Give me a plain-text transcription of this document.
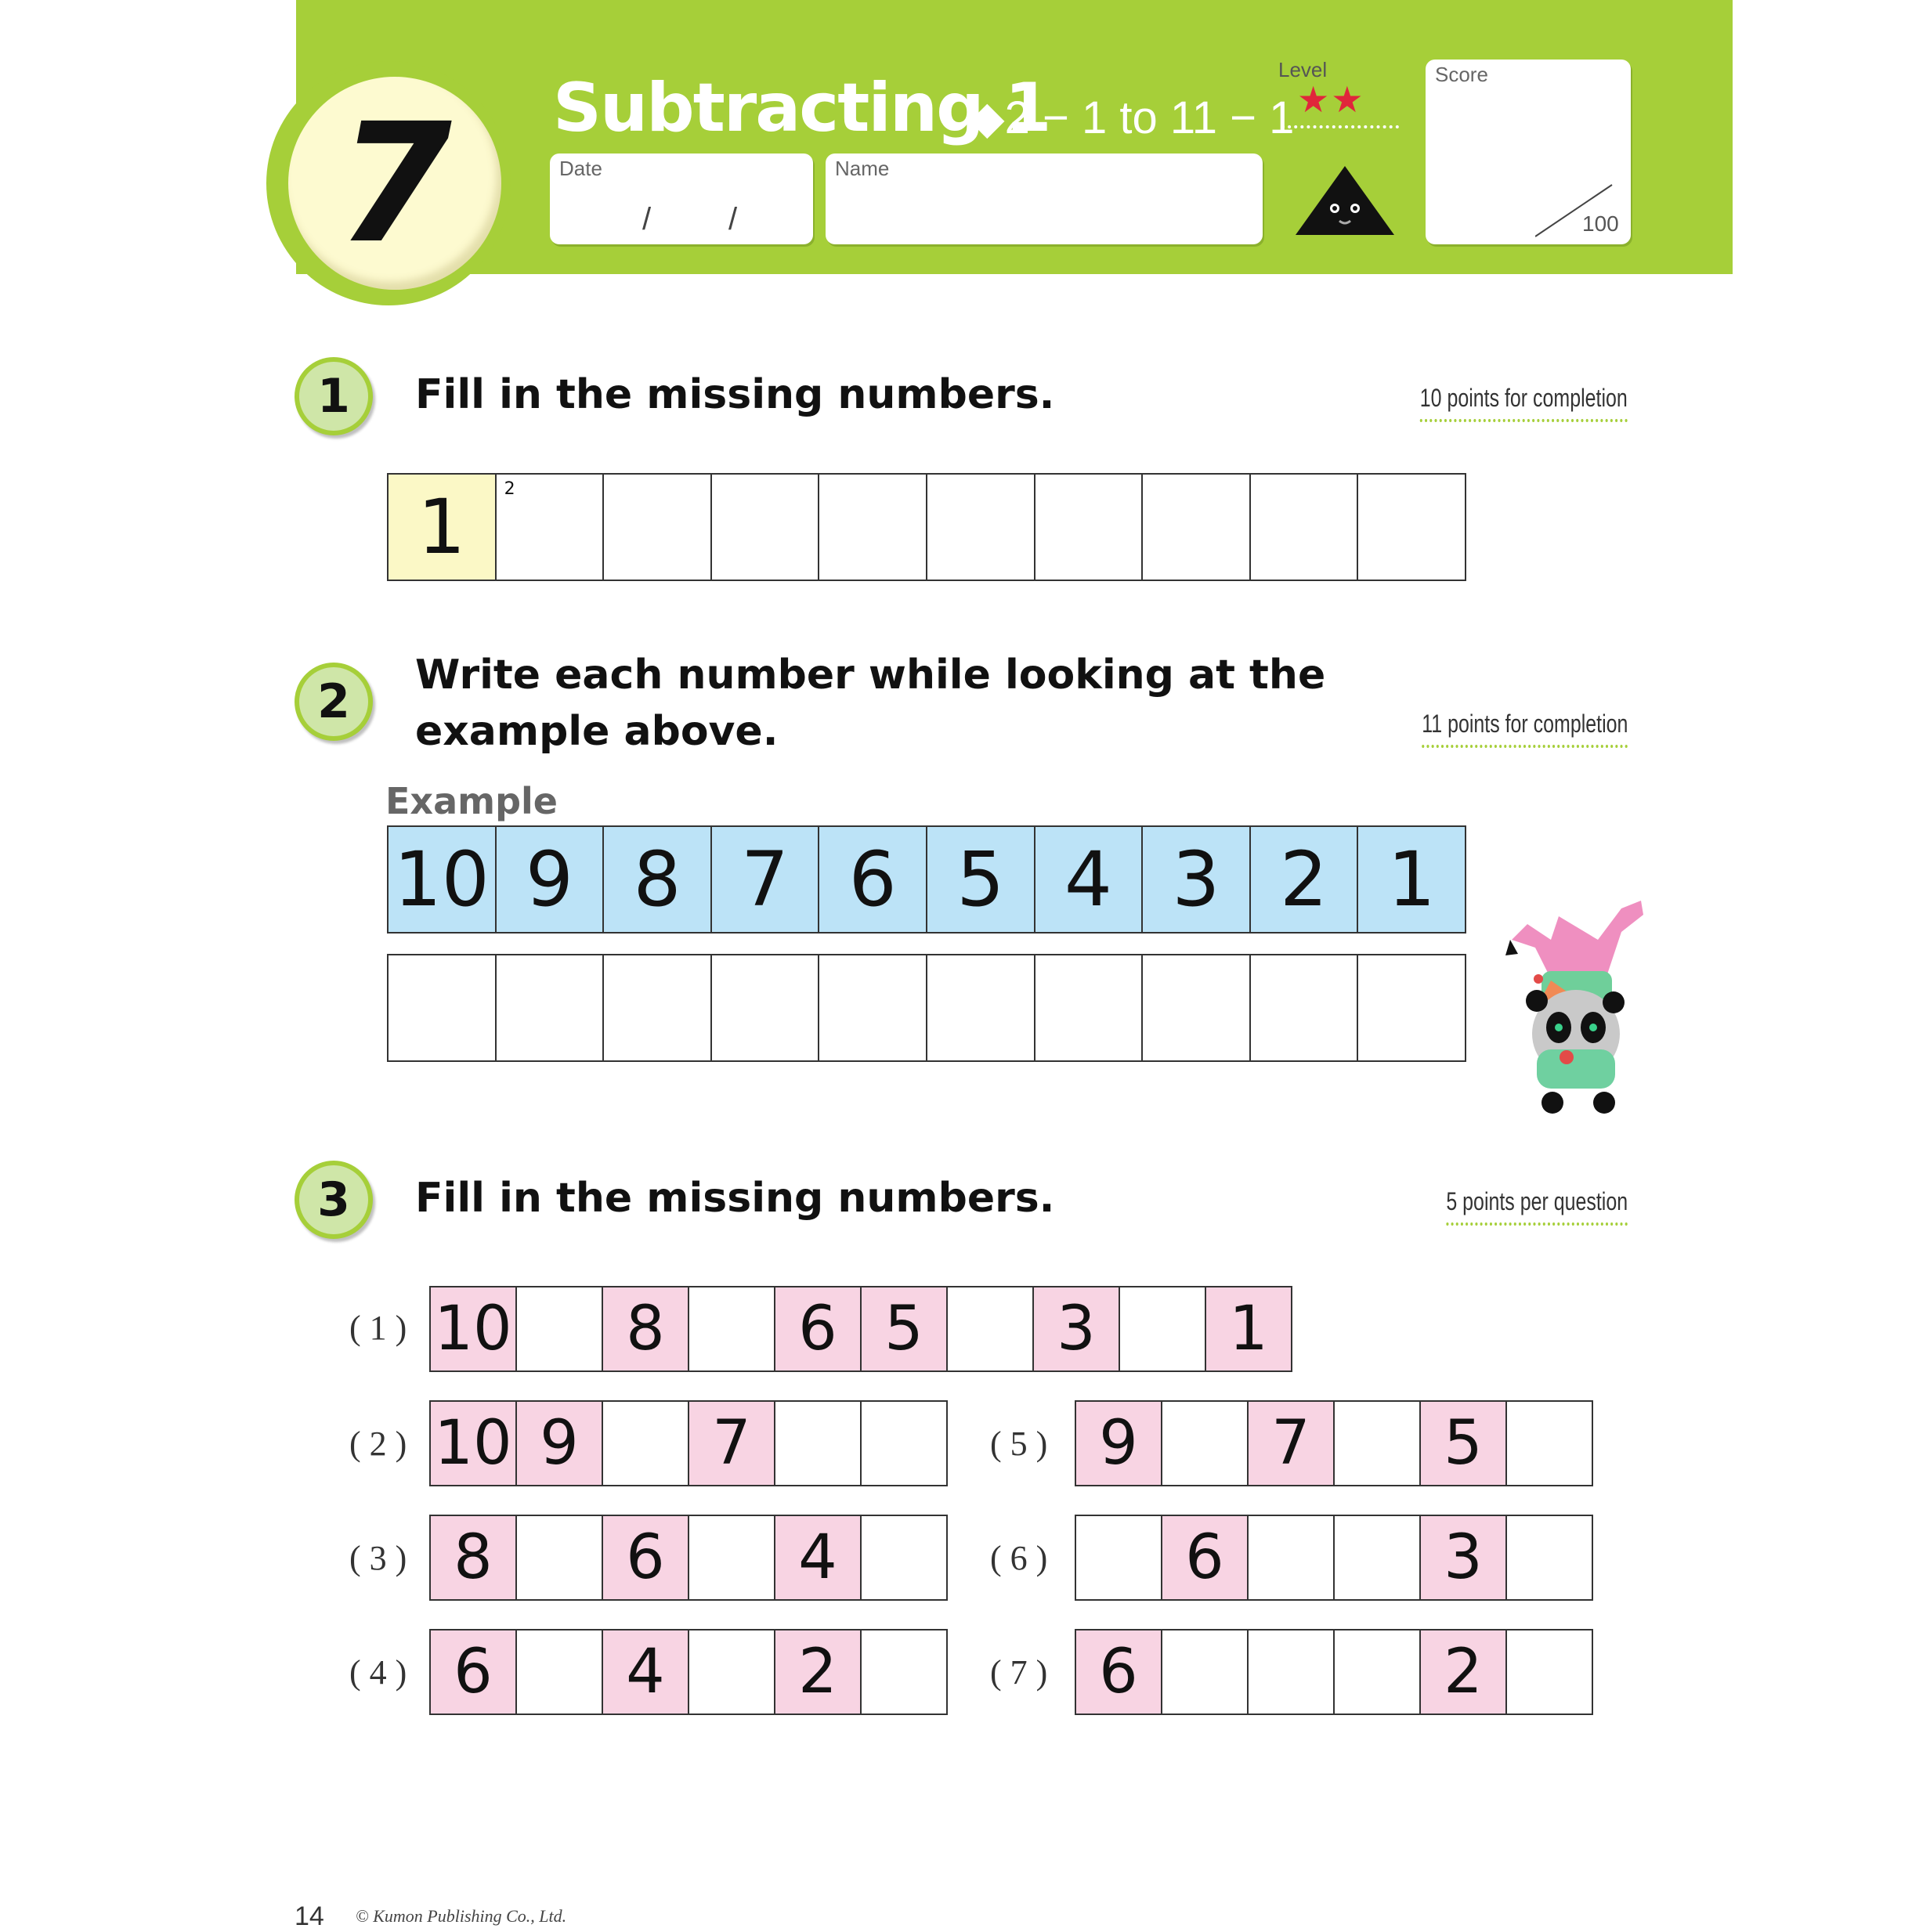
7	Subtracting 1
◆2 − 1 to 11 − 1
Date
/ /
Name
Level
★★
Score
100
1	Fill in the missing numbers.	10 points for completion
1	2
2	Write each number while looking at the
example above.	11 points for completion
Example
10 9 8 7 6 5 4 3 2 1
3	Fill in the missing numbers.	5 points per question
( 1 ) 10	8	6 5	3	1
( 2 ) 10 9	7
( 3 ) 8	6	4
( 4 ) 6	4	2
( 5 ) 9	7	5
( 6 )	6	3
( 7 ) 6	2
14 © Kumon Publishing Co., Ltd.
